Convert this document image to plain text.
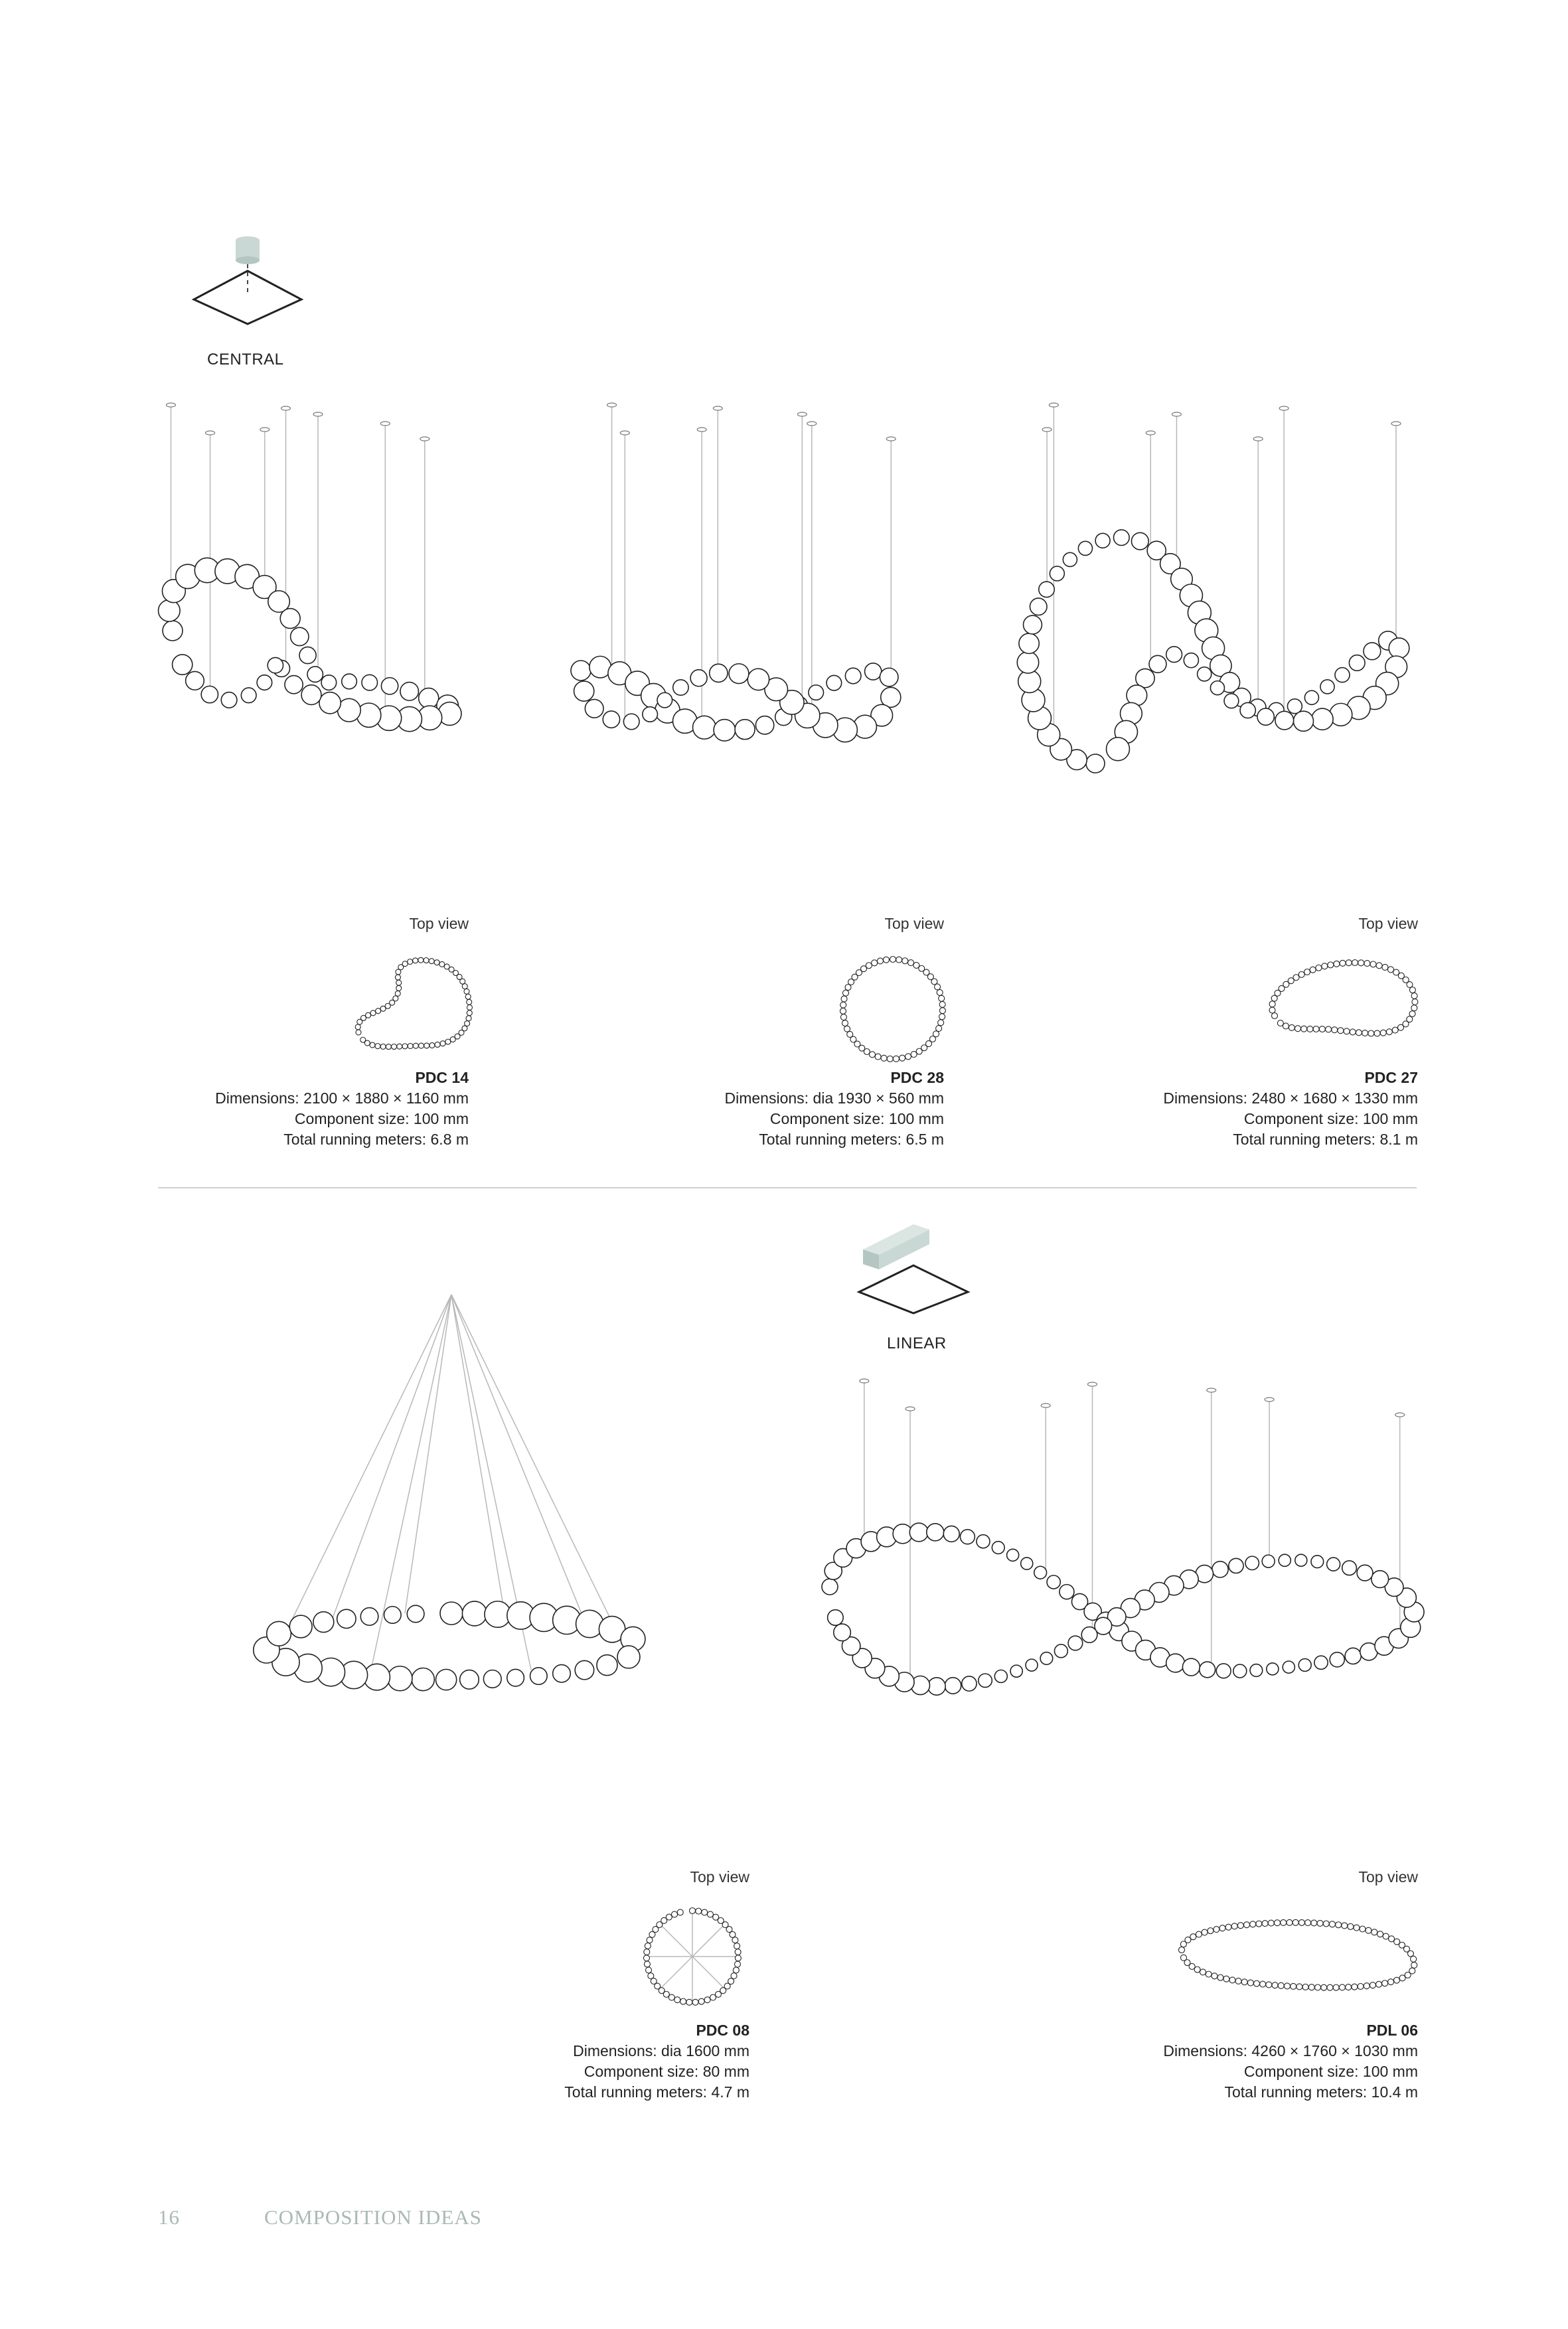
CENTRAL
Top view	Top view	Top view
PDC 14
Dimensions: 2100 × 1880 × 1160 mm
Component size: 100 mm
Total running meters: 6.8 m
PDC 28
Dimensions: dia 1930 × 560 mm
Component size: 100 mm
Total running meters: 6.5 m
PDC 27
Dimensions: 2480 × 1680 × 1330 mm
Component size: 100 mm
Total running meters: 8.1 m
LINEAR
Top view	Top view
PDC 08
Dimensions: dia 1600 mm
Component size: 80 mm
Total running meters: 4.7 m
PDL 06
Dimensions: 4260 × 1760 × 1030 mm
Component size: 100 mm
Total running meters: 10.4 m
16	COMPOSITION IDEAS
